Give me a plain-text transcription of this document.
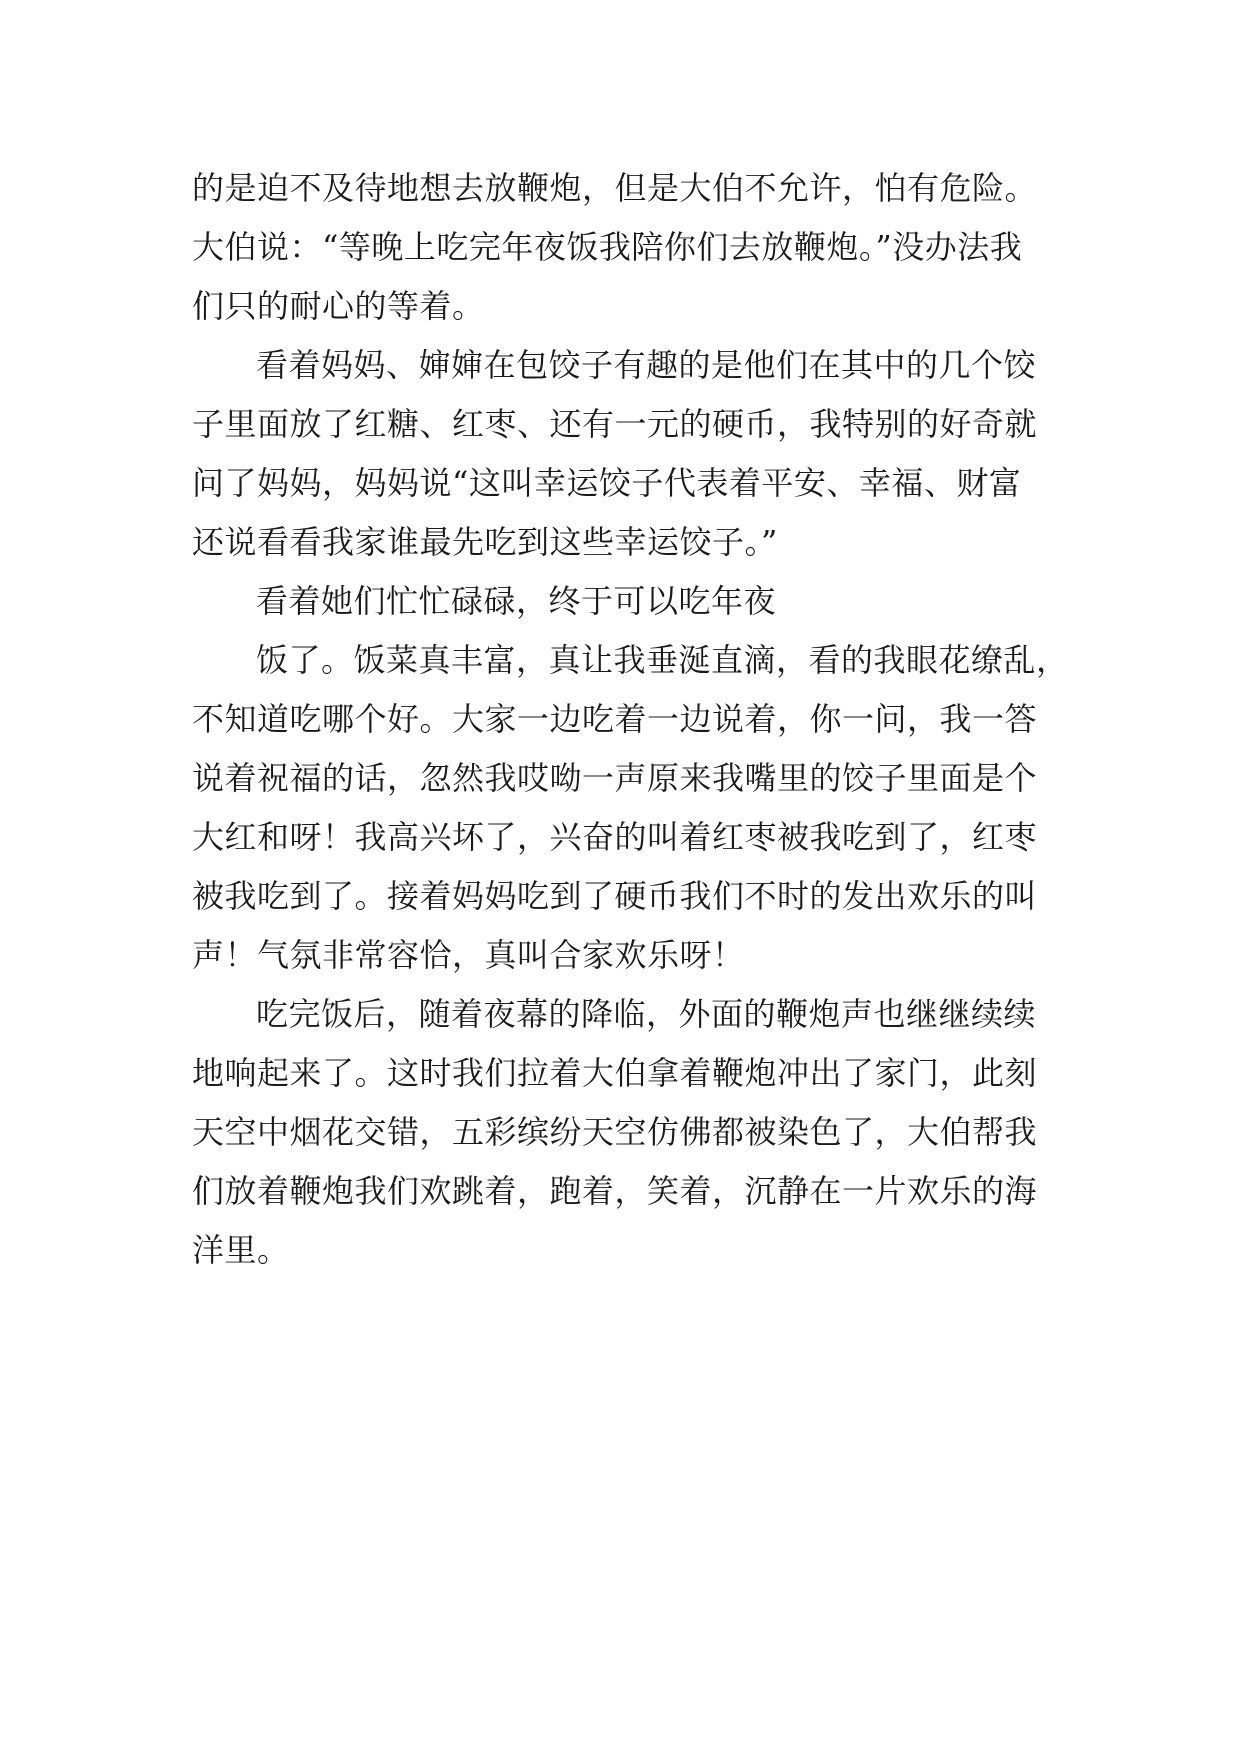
的是迫不及待地想去放鞭炮，但是大伯不允许，怕有危险。
大伯说：“等晚上吃完年夜饭我陪你们去放鞭炮。”没办法我
们只的耐心的等着。
看着妈妈、婶婶在包饺子有趣的是他们在其中的几个饺
子里面放了红糖、红枣、还有一元的硬币，我特别的好奇就
问了妈妈，妈妈说“这叫幸运饺子代表着平安、幸福、财富
还说看看我家谁最先吃到这些幸运饺子。”
看着她们忙忙碌碌，终于可以吃年夜
饭了。饭菜真丰富，真让我垂涎直滴，看的我眼花缭乱，
不知道吃哪个好。大家一边吃着一边说着，你一问，我一答
说着祝福的话，忽然我哎呦一声原来我嘴里的饺子里面是个
大红和呀！我高兴坏了，兴奋的叫着红枣被我吃到了，红枣
被我吃到了。接着妈妈吃到了硬币我们不时的发出欢乐的叫
声！气氛非常容恰，真叫合家欢乐呀！
吃完饭后，随着夜幕的降临，外面的鞭炮声也继继续续
地响起来了。这时我们拉着大伯拿着鞭炮冲出了家门，此刻
天空中烟花交错，五彩缤纷天空仿佛都被染色了，大伯帮我
们放着鞭炮我们欢跳着，跑着，笑着，沉静在一片欢乐的海
洋里。
